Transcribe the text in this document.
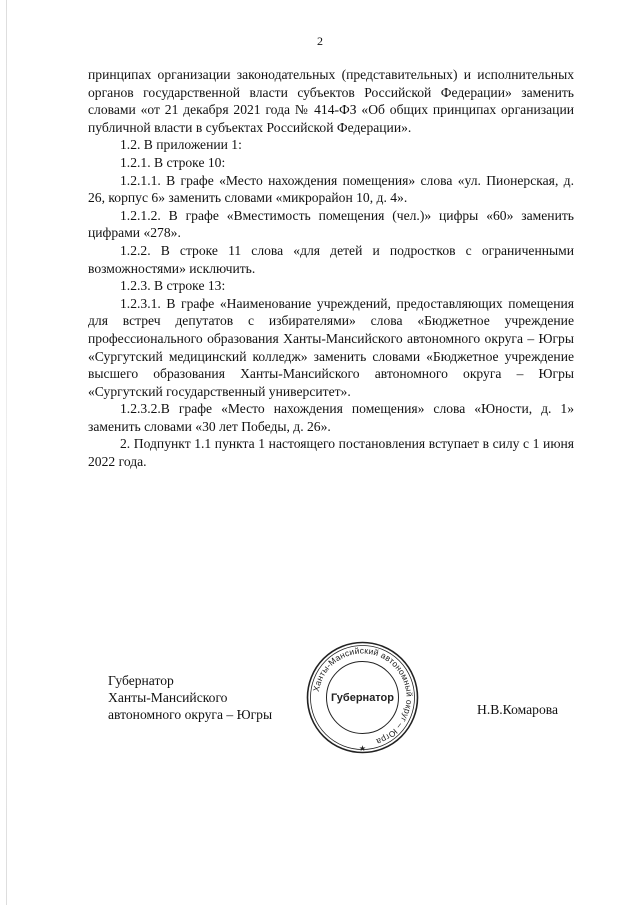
2

принципах организации законодательных (представительных) и исполнительных органов государственной власти субъектов Российской Федерации» заменить словами «от 21 декабря 2021 года № 414-ФЗ «Об общих принципах организации публичной власти в субъектах Российской Федерации».

1.2. В приложении 1:

1.2.1. В строке 10:

1.2.1.1. В графе «Место нахождения помещения» слова «ул. Пионерская, д. 26, корпус 6» заменить словами «микрорайон 10, д. 4».

1.2.1.2. В графе «Вместимость помещения (чел.)» цифры «60» заменить цифрами «278».

1.2.2. В строке 11 слова «для детей и подростков с ограниченными возможностями» исключить.

1.2.3. В строке 13:

1.2.3.1. В графе «Наименование учреждений, предоставляющих помещения для встреч депутатов с избирателями» слова «Бюджетное учреждение профессионального образования Ханты-Мансийского автономного округа – Югры «Сургутский медицинский колледж» заменить словами «Бюджетное учреждение высшего образования Ханты-Мансийского автономного округа – Югры «Сургутский государственный университет».

1.2.3.2.В графе «Место нахождения помещения» слова «Юности, д. 1» заменить словами «30 лет Победы, д. 26».

2. Подпункт 1.1 пункта 1 настоящего постановления вступает в силу с 1 июня 2022 года.

Губернатор
Ханты-Мансийского
автономного округа – Югры
Ханты-Мансийский автономный округ – Югра
Губернатор
★
Н.В.Комарова
